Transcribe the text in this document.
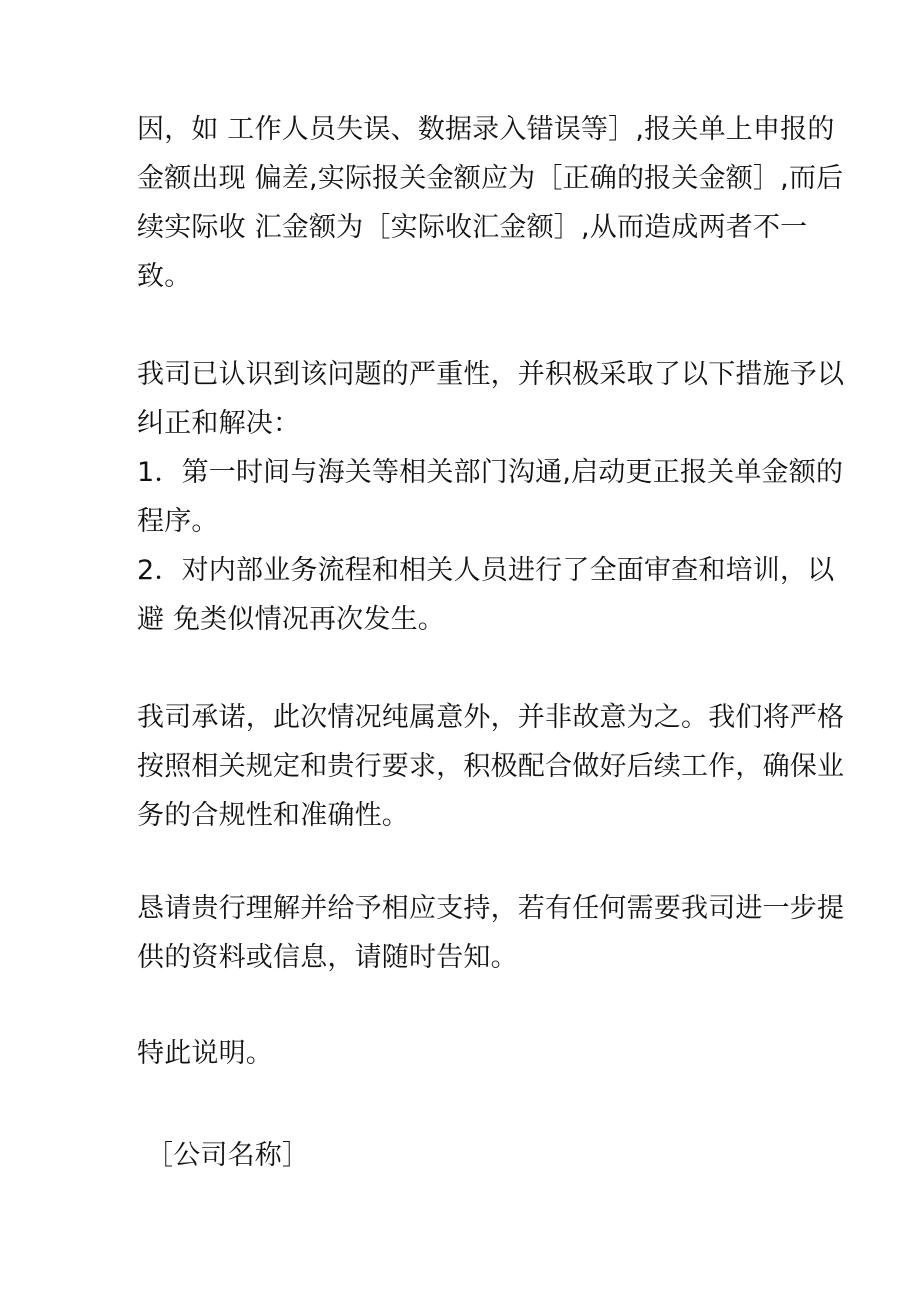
因，如 工作人员失误、数据录入错误等］,报关单上申报的
金额出现 偏差,实际报关金额应为［正确的报关金额］,而后
续实际收 汇金额为［实际收汇金额］,从而造成两者不一
致。
我司已认识到该问题的严重性，并积极采取了以下措施予以
纠正和解决：
1．第一时间与海关等相关部门沟通,启动更正报关单金额的
程序。
2．对内部业务流程和相关人员进行了全面审查和培训，以
避 免类似情况再次发生。
我司承诺，此次情况纯属意外，并非故意为之。我们将严格
按照相关规定和贵行要求，积极配合做好后续工作，确保业
务的合规性和准确性。
恳请贵行理解并给予相应支持，若有任何需要我司进一步提
供的资料或信息，请随时告知。
特此说明。
［公司名称］
